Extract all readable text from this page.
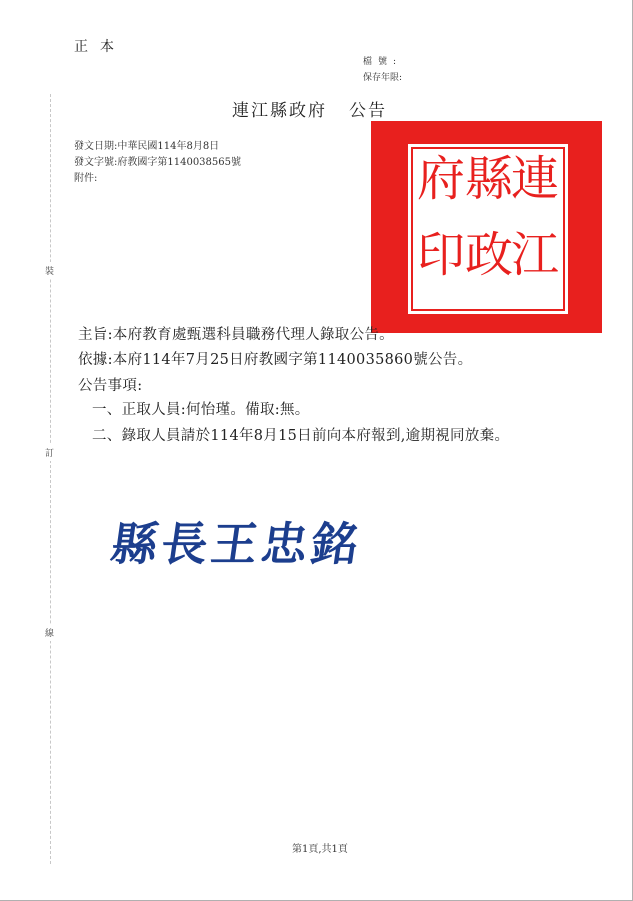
正本
檔號:
保存年限:
連江縣政府 公告
發文日期:中華民國114年8月8日
發文字號:府教國字第1140038565號
附件:
裝
訂
線
連
江
縣
政
府
印
主旨:本府教育處甄選科員職務代理人錄取公告。
依據:本府114年7月25日府教國字第1140035860號公告。
公告事項:
一、正取人員:何怡瑾。備取:無。
二、錄取人員請於114年8月15日前向本府報到,逾期視同放棄。
縣長王忠銘
第1頁,共1頁
